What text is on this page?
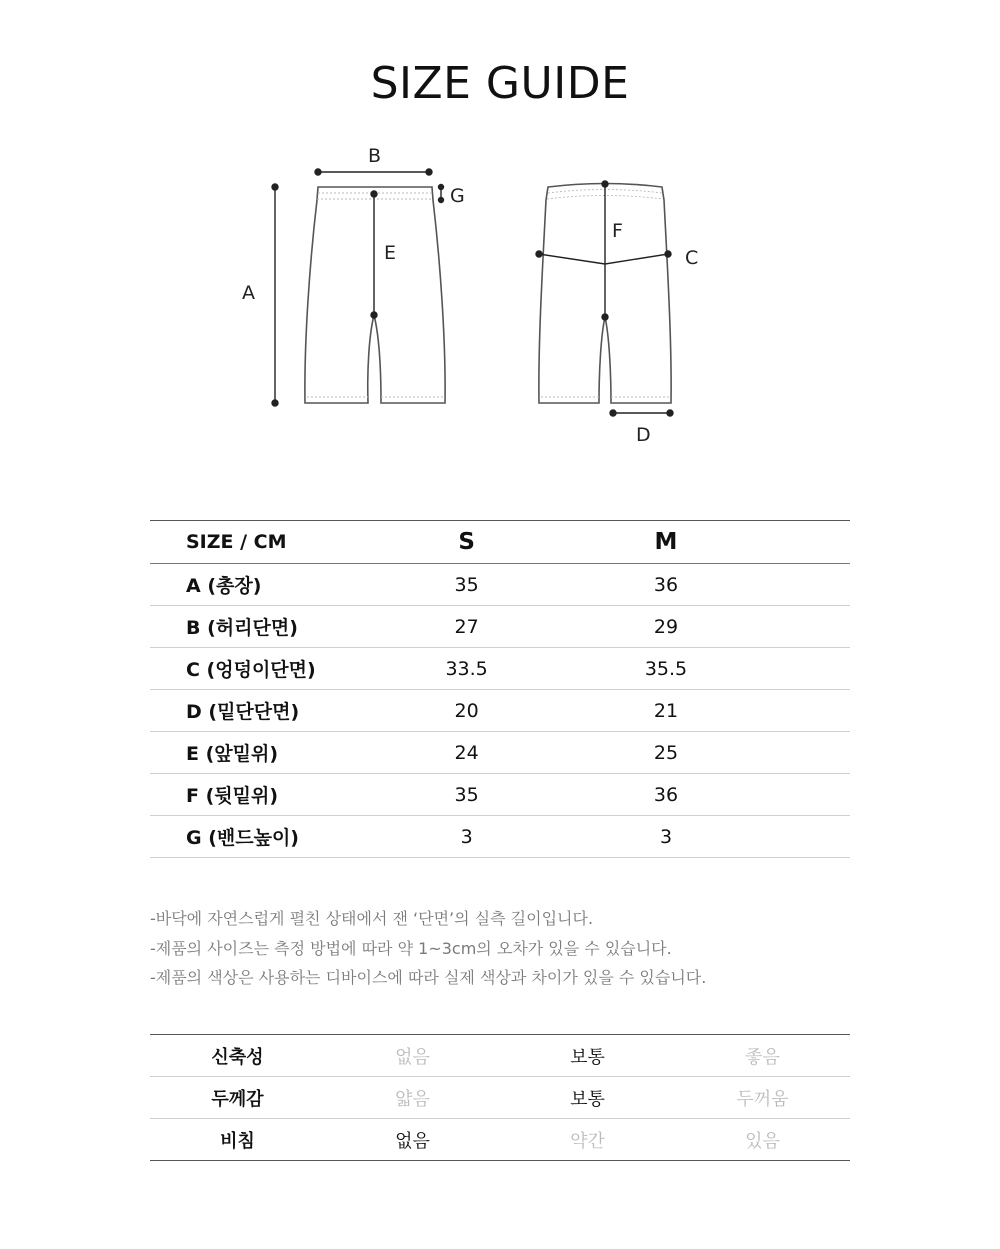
SIZE GUIDE
A
B
C
D
E
F
G
SIZE / CM	S	M	
A (총장)	35	36	
B (허리단면)	27	29	
C (엉덩이단면)	33.5	35.5	
D (밑단단면)	20	21	
E (앞밑위)	24	25	
F (뒷밑위)	35	36	
G (밴드높이)	3	3	
-바닥에 자연스럽게 펼친 상태에서 잰 ‘단면’의 실측 길이입니다.
-제품의 사이즈는 측정 방법에 따라 약 1~3cm의 오차가 있을 수 있습니다.
-제품의 색상은 사용하는 디바이스에 따라 실제 색상과 차이가 있을 수 있습니다.
신축성	없음	보통	좋음
두께감	얇음	보통	두꺼움
비침	없음	약간	있음
